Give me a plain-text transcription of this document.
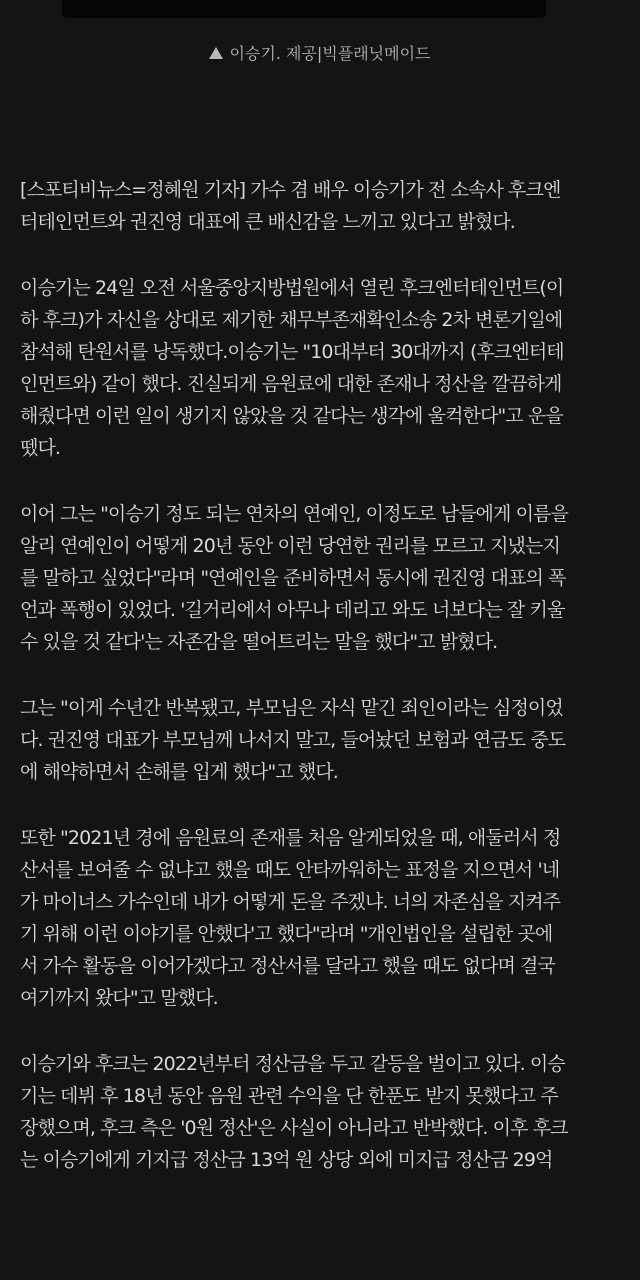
이승기. 제공|빅플래닛메이드
[스포티비뉴스=정혜원 기자] 가수 겸 배우 이승기가 전 소속사 후크엔
터테인먼트와 권진영 대표에 큰 배신감을 느끼고 있다고 밝혔다.
이승기는 24일 오전 서울중앙지방법원에서 열린 후크엔터테인먼트(이
하 후크)가 자신을 상대로 제기한 채무부존재확인소송 2차 변론기일에
참석해 탄원서를 낭독했다.이승기는 "10대부터 30대까지 (후크엔터테
인먼트와) 같이 했다. 진실되게 음원료에 대한 존재나 정산을 깔끔하게
해줬다면 이런 일이 생기지 않았을 것 같다는 생각에 울컥한다"고 운을
뗐다.
이어 그는 "이승기 정도 되는 연차의 연예인, 이정도로 남들에게 이름을
알리 연예인이 어떻게 20년 동안 이런 당연한 권리를 모르고 지냈는지
를 말하고 싶었다"라며 "연예인을 준비하면서 동시에 권진영 대표의 폭
언과 폭행이 있었다. '길거리에서 아무나 데리고 와도 너보다는 잘 키울
수 있을 것 같다'는 자존감을 떨어트리는 말을 했다"고 밝혔다.
그는 "이게 수년간 반복됐고, 부모님은 자식 맡긴 죄인이라는 심정이었
다. 권진영 대표가 부모님께 나서지 말고, 들어놨던 보험과 연금도 중도
에 해약하면서 손해를 입게 했다"고 했다.
또한 "2021년 경에 음원료의 존재를 처음 알게되었을 때, 애둘러서 정
산서를 보여줄 수 없냐고 했을 때도 안타까워하는 표정을 지으면서 '네
가 마이너스 가수인데 내가 어떻게 돈을 주겠냐. 너의 자존심을 지켜주
기 위해 이런 이야기를 안했다'고 했다"라며 "개인법인을 설립한 곳에
서 가수 활동을 이어가겠다고 정산서를 달라고 했을 때도 없다며 결국
여기까지 왔다"고 말했다.
이승기와 후크는 2022년부터 정산금을 두고 갈등을 벌이고 있다. 이승
기는 데뷔 후 18년 동안 음원 관련 수익을 단 한푼도 받지 못했다고 주
장했으며, 후크 측은 '0원 정산'은 사실이 아니라고 반박했다. 이후 후크
는 이승기에게 기지급 정산금 13억 원 상당 외에 미지급 정산금 29억
